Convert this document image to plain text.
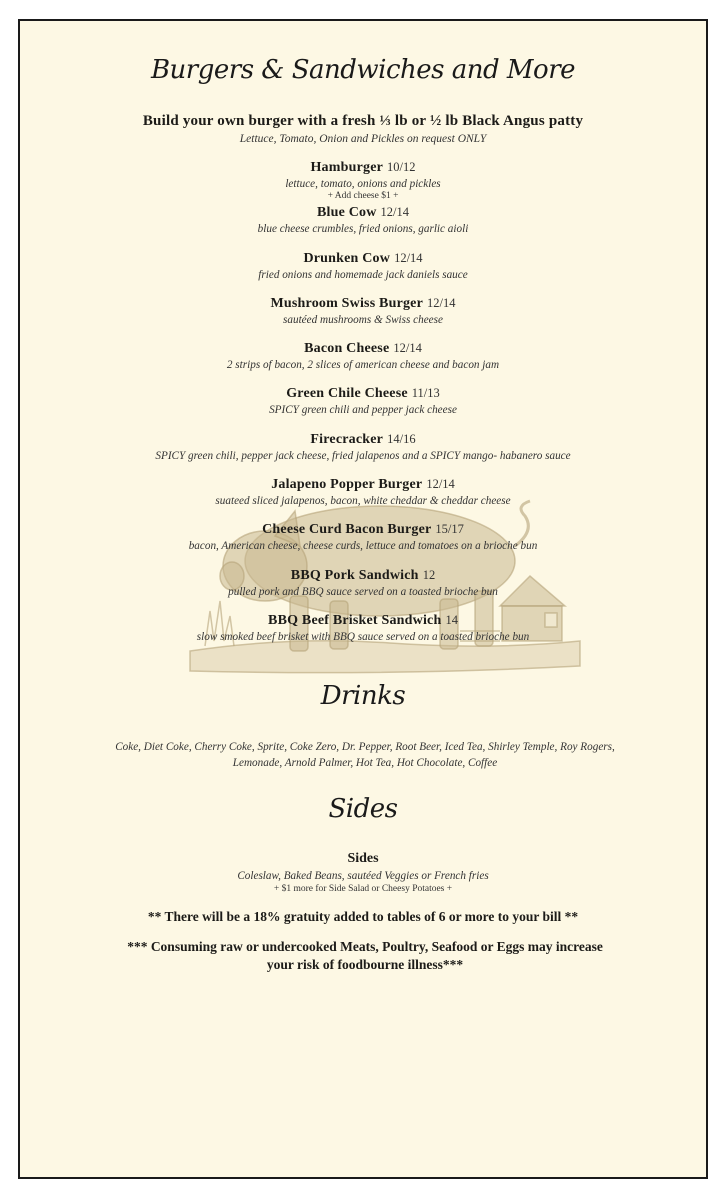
Burgers & Sandwiches and More
Build your own burger with a fresh ⅓ lb or ½ lb Black Angus patty
Lettuce, Tomato, Onion and Pickles on request ONLY
Hamburger 10/12
lettuce, tomato, onions and pickles
+ Add cheese $1 +
Blue Cow 12/14
blue cheese crumbles, fried onions, garlic aioli
Drunken Cow 12/14
fried onions and homemade jack daniels sauce
Mushroom Swiss Burger 12/14
sautéed mushrooms & Swiss cheese
Bacon Cheese 12/14
2 strips of bacon, 2 slices of american cheese and bacon jam
Green Chile Cheese 11/13
SPICY green chili and pepper jack cheese
Firecracker 14/16
SPICY green chili, pepper jack cheese, fried jalapenos and a SPICY mango- habanero sauce
Jalapeno Popper Burger 12/14
suateed sliced jalapenos, bacon, white cheddar & cheddar cheese
Cheese Curd Bacon Burger 15/17
bacon, American cheese, cheese curds, lettuce and tomatoes on a brioche bun
BBQ Pork Sandwich 12
pulled pork and BBQ sauce served on a toasted brioche bun
BBQ Beef Brisket Sandwich 14
slow smoked beef brisket with BBQ sauce served on a toasted brioche bun
Drinks
Coke, Diet Coke, Cherry Coke, Sprite, Coke Zero, Dr. Pepper, Root Beer, Iced Tea, Shirley Temple, Roy Rogers, Lemonade, Arnold Palmer, Hot Tea, Hot Chocolate, Coffee
Sides
Sides
Coleslaw, Baked Beans, sautéed Veggies or French fries
+ $1 more for Side Salad or Cheesy Potatoes +
** There will be a 18% gratuity added to tables of 6 or more to your bill **
*** Consuming raw or undercooked Meats, Poultry, Seafood or Eggs may increase your risk of foodbourne illness***
